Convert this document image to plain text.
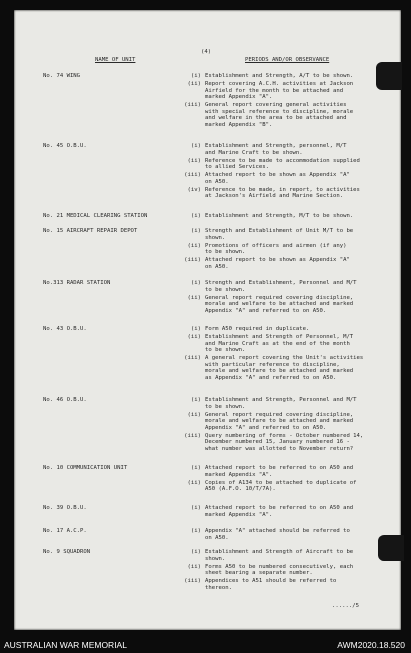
(4)
NAME OF UNIT	PERIODS AND/OR OBSERVANCE
No. 74 WING	(i) Establishment and Strength, A/T to be shown.
(ii) Report covering A.C.H. activities at Jackson
Airfield for the month to be attached and
marked Appendix "A".
(iii) General report covering general activities
with special reference to discipline, morale
and welfare in the area to be attached and
marked Appendix "B".
No. 45 O.B.U.	(i) Establishment and Strength, personnel, M/T
and Marine Craft to be shown.
(ii) Reference to be made to accommodation supplied
to allied Services.
(iii) Attached report to be shown as Appendix "A"
on A50.
(iv) Reference to be made, in report, to activities
at Jackson's Airfield and Marine Section.
No. 21 MEDICAL CLEARING STATION	(i) Establishment and Strength, M/T to be shown.
No. 15 AIRCRAFT REPAIR DEPOT	(i) Strength and Establishment of Unit M/T to be
shown.
(ii) Promotions of officers and airmen (if any)
to be shown.
(iii) Attached report to be shown as Appendix "A"
on A50.
No.313 RADAR STATION	(i) Strength and Establishment, Personnel and M/T
to be shown.
(ii) General report required covering discipline,
morale and welfare to be attached and marked
Appendix "A" and referred to on A50.
No. 43 O.B.U.	(i) Form A50 required in duplicate.
(ii) Establishment and Strength of Personnel, M/T
and Marine Craft as at the end of the month
to be shown.
(iii) A general report covering the Unit's activities
with particular reference to discipline,
morale and welfare to be attached and marked
as Appendix "A" and referred to on A50.
No. 46 O.B.U.	(i) Establishment and Strength, Personnel and M/T
to be shown.
(ii) General report required covering discipline,
morale and welfare to be attached and marked
Appendix "A" and referred to on A50.
(iii) Query numbering of forms - October numbered 14,
December numbered 15, January numbered 16 -
what number was allotted to November return?
No. 10 COMMUNICATION UNIT	(i) Attached report to be referred to on A50 and
marked Appendix "A".
(ii) Copies of A134 to be attached to duplicate of
A50 (A.F.O. 10/T/7A).
No. 39 O.B.U.	(i) Attached report to be referred to on A50 and
marked Appendix "A".
No. 17 A.C.P.	(i) Appendix "A" attached should be referred to
on A50.
No. 9 SQUADRON	(i) Establishment and Strength of Aircraft to be
shown.
(ii) Forms A50 to be numbered consecutively, each
sheet bearing a separate number.
(iii) Appendices to A51 should be referred to
thereon.
....../5
AUSTRALIAN WAR MEMORIAL	AWM2020.18.520
